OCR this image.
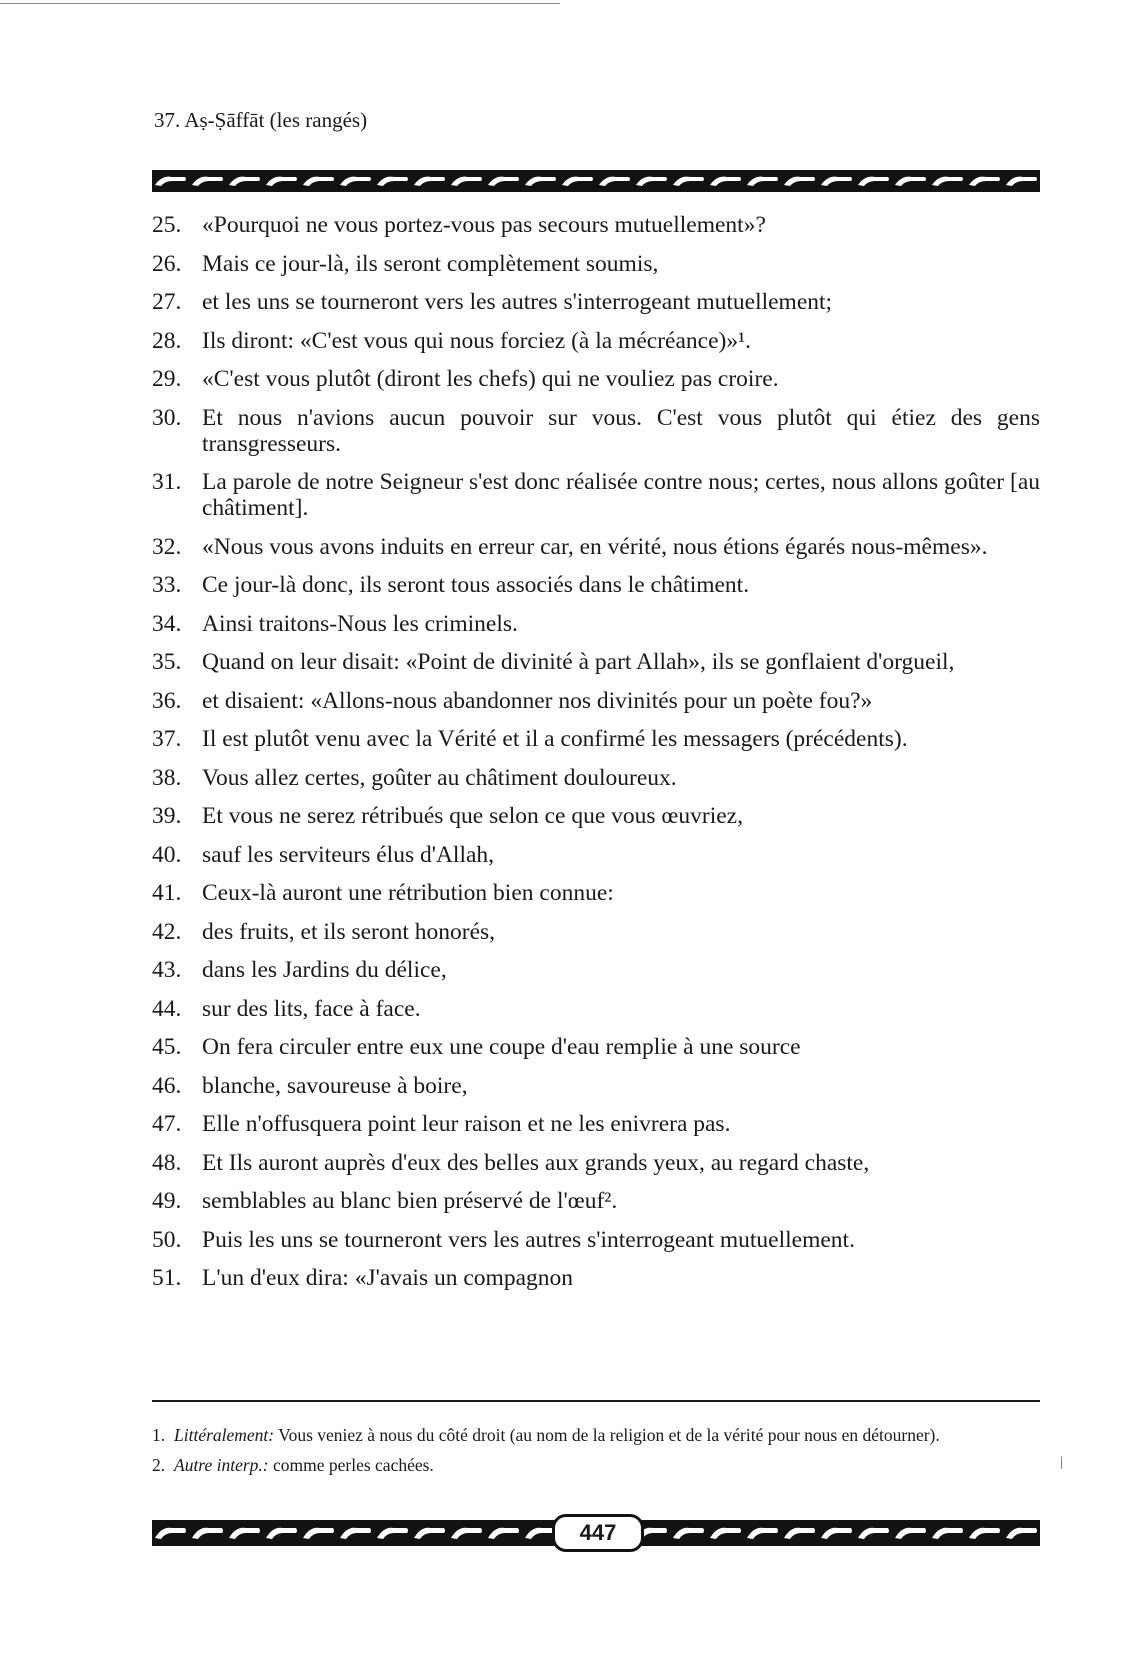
37. Aṣ-Ṣāffāt (les rangés)
25. «Pourquoi ne vous portez-vous pas secours mutuellement»?
26. Mais ce jour-là, ils seront complètement soumis,
27. et les uns se tourneront vers les autres s'interrogeant mutuellement;
28. Ils diront: «C'est vous qui nous forciez (à la mécréance)»¹.
29. «C'est vous plutôt (diront les chefs) qui ne vouliez pas croire.
30. Et nous n'avions aucun pouvoir sur vous. C'est vous plutôt qui étiez des gens transgresseurs.
31. La parole de notre Seigneur s'est donc réalisée contre nous; certes, nous allons goûter [au châtiment].
32. «Nous vous avons induits en erreur car, en vérité, nous étions égarés nous-mêmes».
33. Ce jour-là donc, ils seront tous associés dans le châtiment.
34. Ainsi traitons-Nous les criminels.
35. Quand on leur disait: «Point de divinité à part Allah», ils se gonflaient d'orgueil,
36. et disaient: «Allons-nous abandonner nos divinités pour un poète fou?»
37. Il est plutôt venu avec la Vérité et il a confirmé les messagers (précédents).
38. Vous allez certes, goûter au châtiment douloureux.
39. Et vous ne serez rétribués que selon ce que vous œuvriez,
40. sauf les serviteurs élus d'Allah,
41. Ceux-là auront une rétribution bien connue:
42. des fruits, et ils seront honorés,
43. dans les Jardins du délice,
44. sur des lits, face à face.
45. On fera circuler entre eux une coupe d'eau remplie à une source
46. blanche, savoureuse à boire,
47. Elle n'offusquera point leur raison et ne les enivrera pas.
48. Et Ils auront auprès d'eux des belles aux grands yeux, au regard chaste,
49. semblables au blanc bien préservé de l'œuf².
50. Puis les uns se tourneront vers les autres s'interrogeant mutuellement.
51. L'un d'eux dira: «J'avais un compagnon
1. Littéralement: Vous veniez à nous du côté droit (au nom de la religion et de la vérité pour nous en détourner).
2. Autre interp.: comme perles cachées.
447
|
